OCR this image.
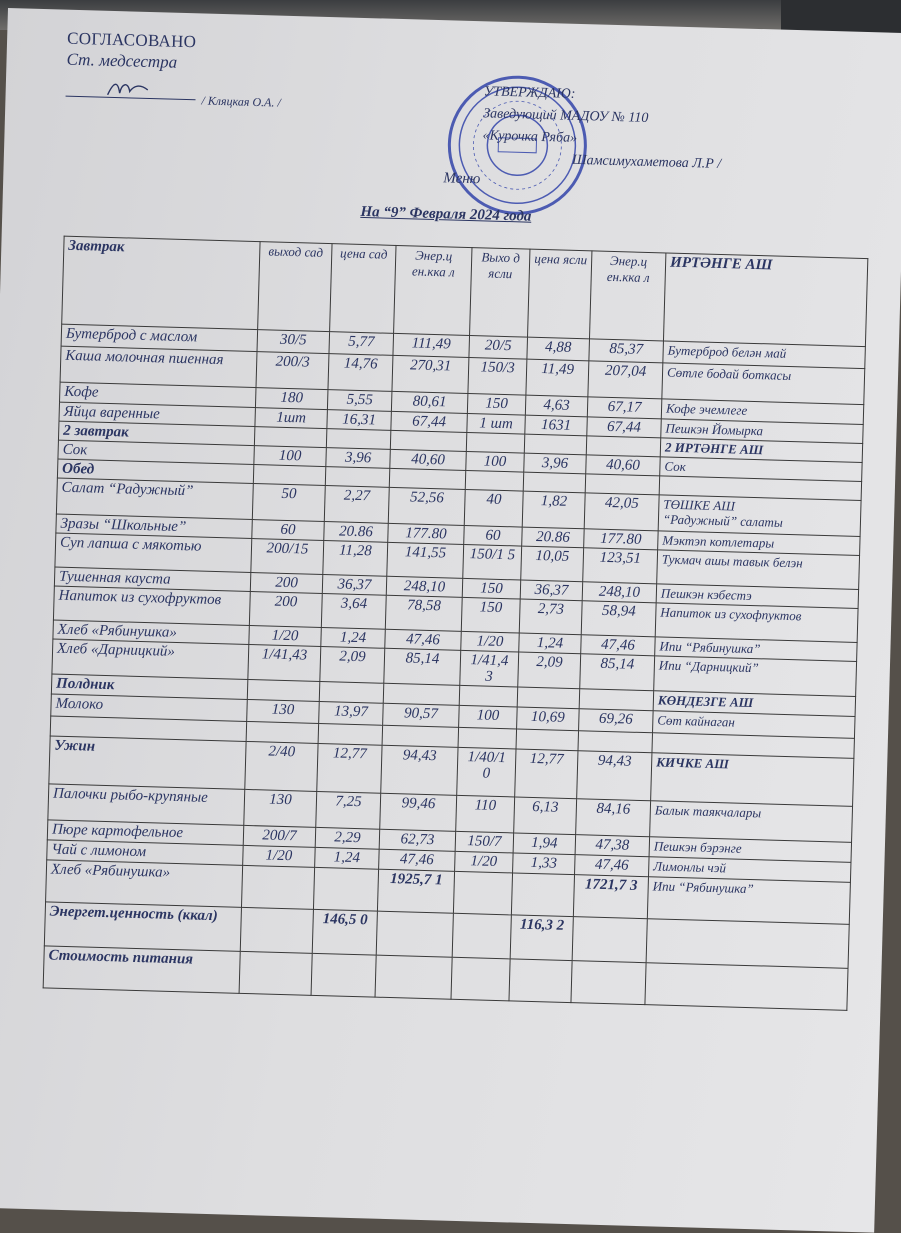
СОГЛАСОВАНО
Ст. медсестра
/ Кляцкая О.А. /	УТВЕРЖДАЮ:
Заведующий МАДОУ № 110
«Курочка Ряба»
Шамсимухаметова Л.Р /
Меню
На “9” Февраля 2024 года
Завтрак	выход сад	цена сад	Энер.ц ен.кка л	Выхо д ясли	цена ясли	Энер.ц ен.кка л	ИРТӘНГЕ АШ
Бутерброд с маслом	30/5	5,77	111,49	20/5	4,88	85,37	Бутерброд белән май
Каша молочная пшенная	200/3	14,76	270,31	150/3	11,49	207,04	Сөтле бодай боткасы
Кофе	180	5,55	80,61	150	4,63	67,17	Кофе эчемлеге
Яйца варенные	1шт	16,31	67,44	1 шт	1631	67,44	Пешкэн Йомырка
2 завтрак							2 ИРТӘНГЕ АШ
Сок	100	3,96	40,60	100	3,96	40,60	Сок
Обед							
Салат “Радужный”	50	2,27	52,56	40	1,82	42,05	ТӨШКЕ АШ
“Радужный” салаты

Зразы “Школьные”	60	20.86	177.80	60	20.86	177.80	Мэктэп котлетары
Суп лапша с мякотью	200/15	11,28	141,55	150/1 5	10,05	123,51	Тукмач ашы тавык белэн
Тушенная кауста	200	36,37	248,10	150	36,37	248,10	Пешкэн кэбестэ
Напиток из сухофруктов	200	3,64	78,58	150	2,73	58,94	Напиток из сухофпуктов
Хлеб «Рябинушка»	1/20	1,24	47,46	1/20	1,24	47,46	Ипи “Рябинушка”
Хлеб «Дарницкий»	1/41,43	2,09	85,14	1/41,4 3	2,09	85,14	Ипи “Дарницкий”
Полдник							КӨНДЕЗГЕ АШ
Молоко	130	13,97	90,57	100	10,69	69,26	Сөт кайнаган

Ужин	2/40	12,77	94,43	1/40/1 0	12,77	94,43	КИЧКЕ АШ
Палочки рыбо-крупяные	130	7,25	99,46	110	6,13	84,16	Балык таякчалары
Пюре картофельное	200/7	2,29	62,73	150/7	1,94	47,38	Пешкэн бэрэнге
Чай с лимоном	1/20	1,24	47,46	1/20	1,33	47,46	Лимонлы чэй
Хлеб «Рябинушка»			1925,7 1			1721,7 3	Ипи “Рябинушка”
Энергет.ценность (ккал)		146,5 0			116,3 2		
Стоимость питания							
